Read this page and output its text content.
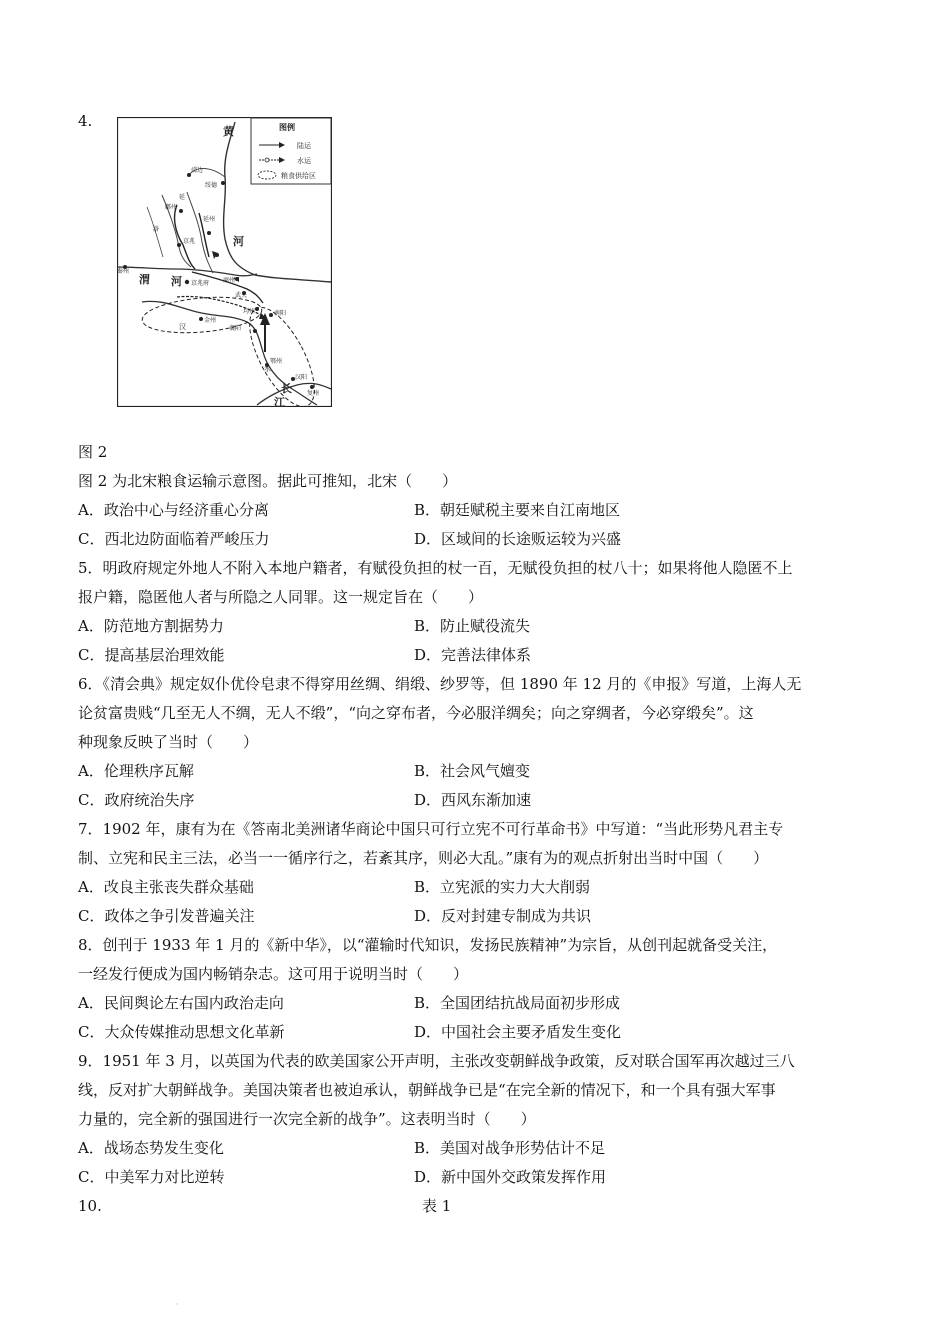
4.	图例
陆运
水运
粮食供给区
黄
河
渭 河
长
江
汉
水
靖边
绥德
延
鄜州
洛
延州
京兆
秦州
京兆府 商州
武关
均州	南阳
金州
襄阳
鄂州
汉阳
复州
图 2
图 2 为北宋粮食运输示意图。据此可推知，北宋（　　）
A．政治中心与经济重心分离	B．朝廷赋税主要来自江南地区
C．西北边防面临着严峻压力	D．区域间的长途贩运较为兴盛
5．明政府规定外地人不附入本地户籍者，有赋役负担的杖一百，无赋役负担的杖八十；如果将他人隐匿不上
报户籍，隐匿他人者与所隐之人同罪。这一规定旨在（　　）
A．防范地方割据势力	B．防止赋役流失
C．提高基层治理效能	D．完善法律体系
6．《清会典》规定奴仆优伶皂隶不得穿用丝绸、绢缎、纱罗等，但 1890 年 12 月的《申报》写道，上海人无
论贫富贵贱“几至无人不绸，无人不缎”，“向之穿布者，今必服洋绸矣；向之穿绸者，今必穿缎矣”。这
种现象反映了当时（　　）
A．伦理秩序瓦解	B．社会风气嬗变
C．政府统治失序	D．西风东渐加速
7．1902 年，康有为在《答南北美洲诸华商论中国只可行立宪不可行革命书》中写道：“当此形势凡君主专
制、立宪和民主三法，必当一一循序行之，若紊其序，则必大乱。”康有为的观点折射出当时中国（　　）
A．改良主张丧失群众基础	B．立宪派的实力大大削弱
C．政体之争引发普遍关注	D．反对封建专制成为共识
8．创刊于 1933 年 1 月的《新中华》，以“灌输时代知识，发扬民族精神”为宗旨，从创刊起就备受关注，
一经发行便成为国内畅销杂志。这可用于说明当时（　　）
A．民间舆论左右国内政治走向	B．全国团结抗战局面初步形成
C．大众传媒推动思想文化革新	D．中国社会主要矛盾发生变化
9．1951 年 3 月，以英国为代表的欧美国家公开声明，主张改变朝鲜战争政策，反对联合国军再次越过三八
线，反对扩大朝鲜战争。美国决策者也被迫承认，朝鲜战争已是“在完全新的情况下，和一个具有强大军事
力量的，完全新的强国进行一次完全新的战争”。这表明当时（　　）
A．战场态势发生变化	B．美国对战争形势估计不足
C．中美军力对比逆转	D．新中国外交政策发挥作用
10.	表 1
·
